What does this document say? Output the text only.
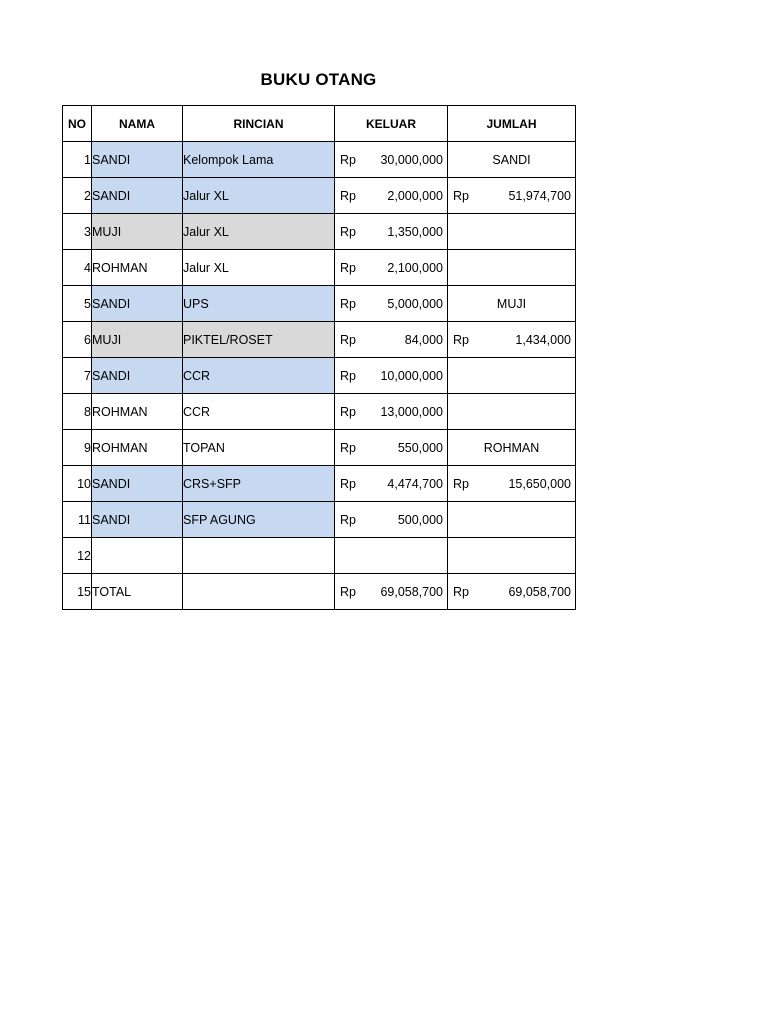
BUKU OTANG
NO	NAMA	RINCIAN	KELUAR	JUMLAH
1	SANDI	Kelompok Lama	Rp 30,000,000	SANDI

2	SANDI	Jalur XL	Rp 2,000,000	Rp 51,974,700

3	MUJI	Jalur XL	Rp 1,350,000	

4	ROHMAN	Jalur XL	Rp 2,100,000	

5	SANDI	UPS	Rp 5,000,000	MUJI

6	MUJI	PIKTEL/ROSET	Rp 84,000	Rp 1,434,000

7	SANDI	CCR	Rp 10,000,000	

8	ROHMAN	CCR	Rp 13,000,000	

9	ROHMAN	TOPAN	Rp 550,000	ROHMAN

10	SANDI	CRS+SFP	Rp 4,474,700	Rp 15,650,000

11	SANDI	SFP AGUNG	Rp 500,000	

12				
15	TOTAL		Rp 69,058,700	Rp 69,058,700
